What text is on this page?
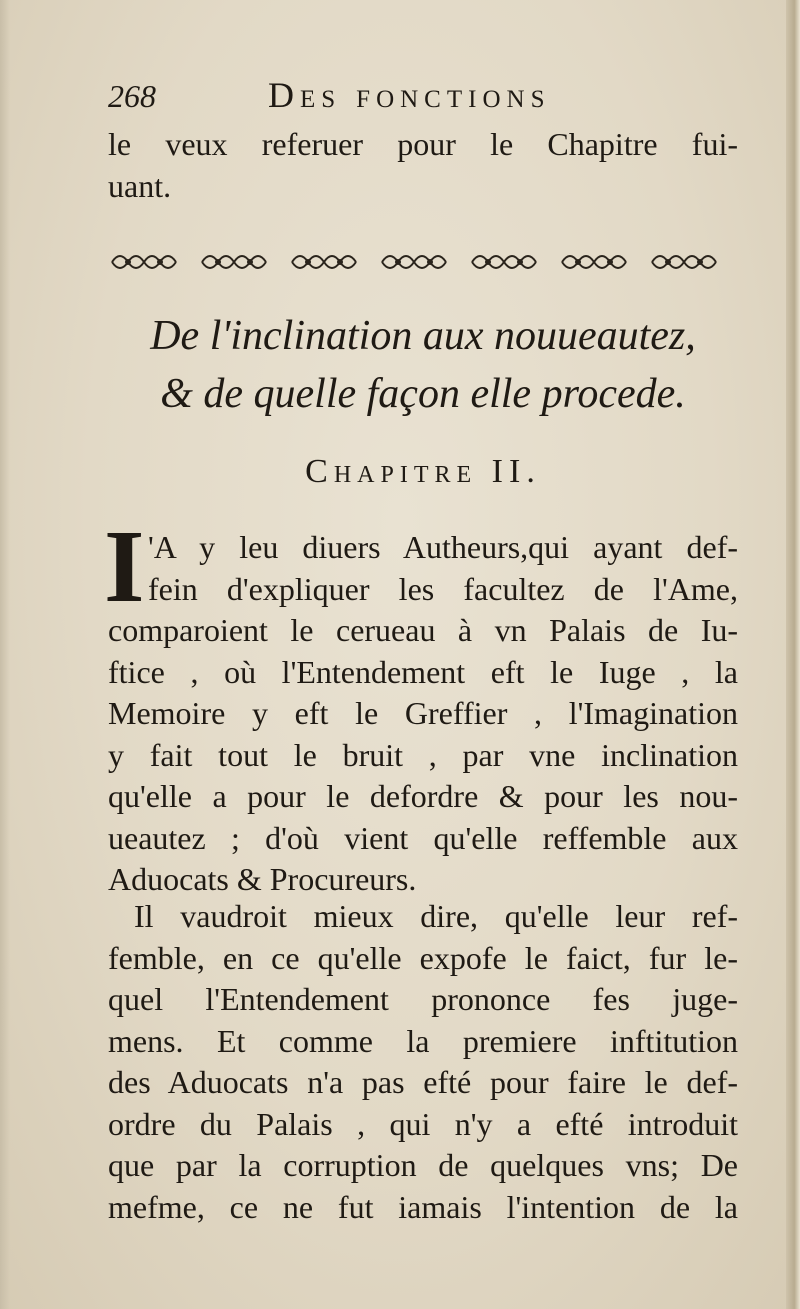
268	Des fonctions
le veux referuer pour le Chapitre fui-
uant.
De l'inclination aux nouueautez,
& de quelle façon elle procede.
Chapitre II.
I 'A y leu diuers Autheurs,qui ayant def-
fein d'expliquer les facultez de l'Ame,
comparoient le cerueau à vn Palais de Iu-
ftice , où l'Entendement eft le Iuge , la
Memoire y eft le Greffier , l'Imagination
y fait tout le bruit , par vne inclination
qu'elle a pour le defordre & pour les nou-
ueautez ; d'où vient qu'elle reffemble aux
Aduocats & Procureurs.
Il vaudroit mieux dire, qu'elle leur ref-
femble, en ce qu'elle expofe le faict, fur le-
quel l'Entendement prononce fes juge-
mens. Et comme la premiere inftitution
des Aduocats n'a pas efté pour faire le def-
ordre du Palais , qui n'y a efté introduit
que par la corruption de quelques vns; De
mefme, ce ne fut iamais l'intention de la
